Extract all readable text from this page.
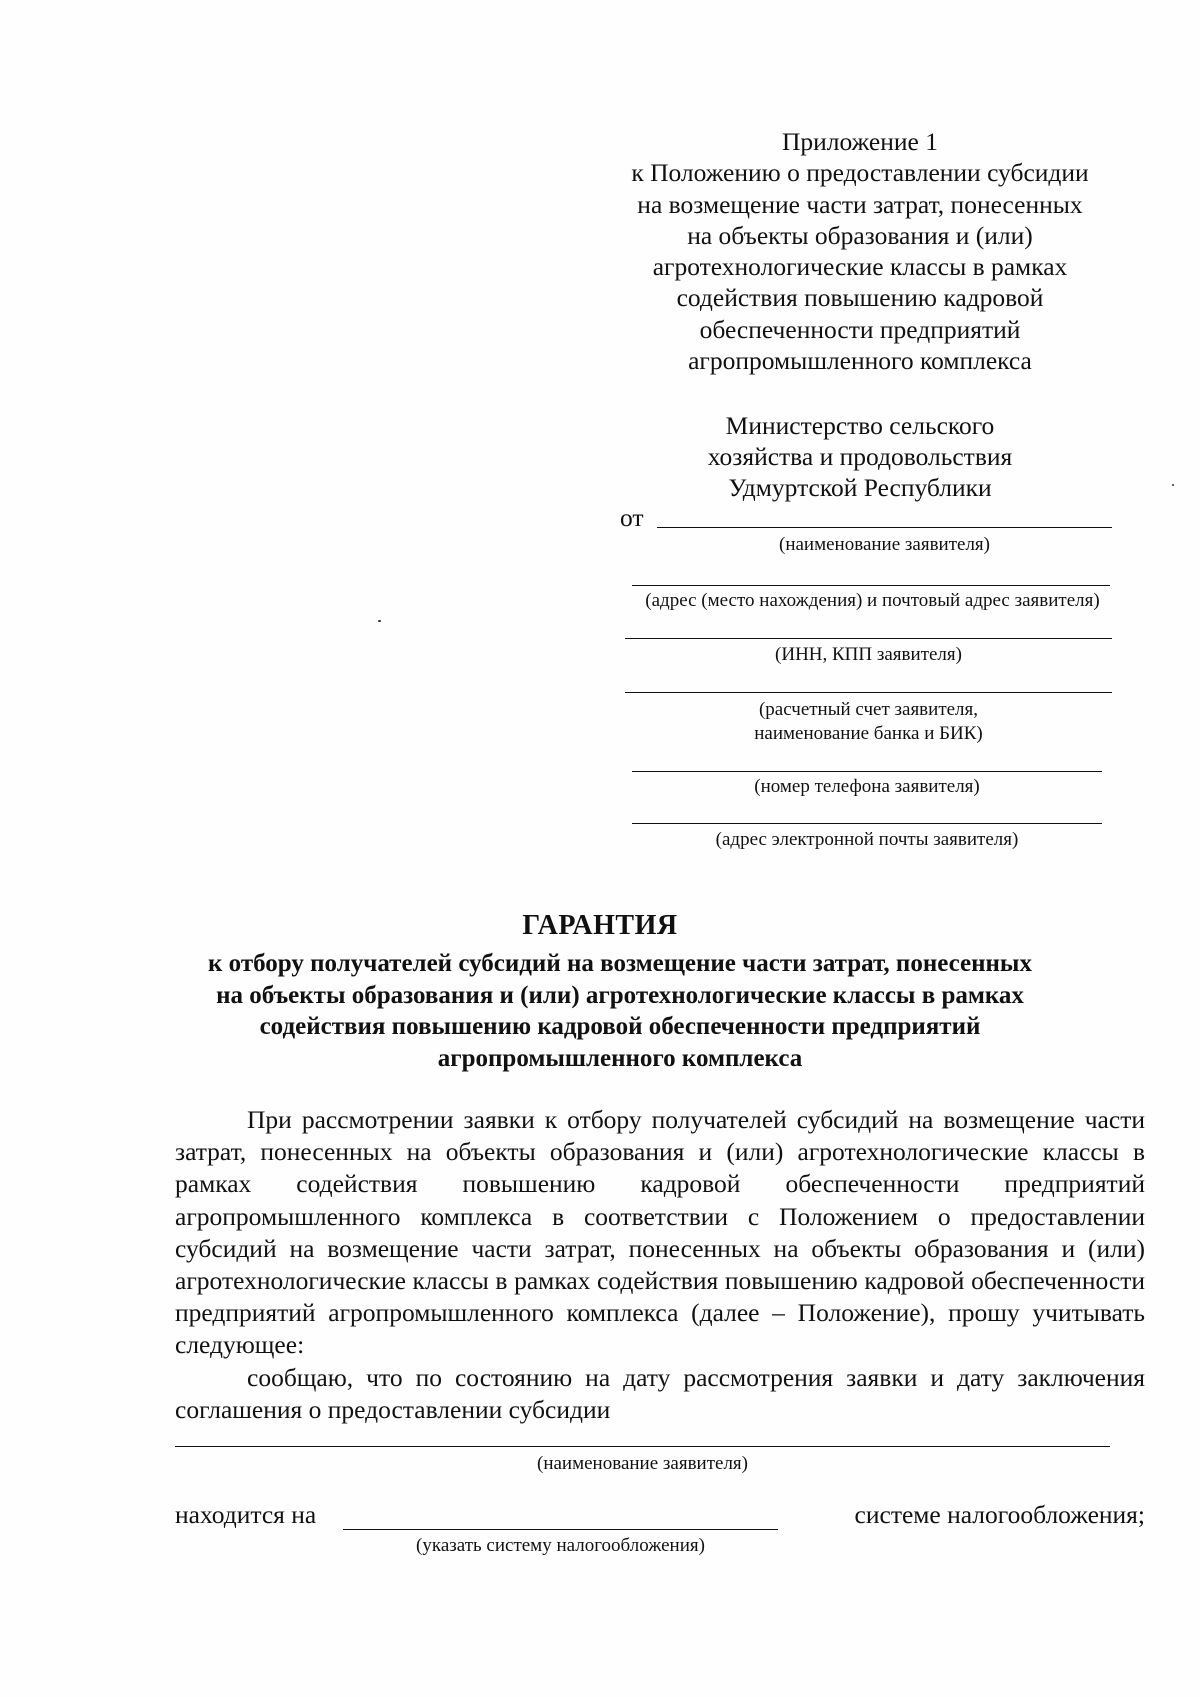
Приложение 1
к Положению о предоставлении субсидии
на возмещение части затрат, понесенных
на объекты образования и (или)
агротехнологические классы в рамках
содействия повышению кадровой
обеспеченности предприятий
агропромышленного комплекса
Министерство сельского
хозяйства и продовольствия
Удмуртской Республики
от
(наименование заявителя)
(адрес (место нахождения) и почтовый адрес заявителя)
(ИНН, КПП заявителя)
(расчетный счет заявителя,
наименование банка и БИК)
(номер телефона заявителя)
(адрес электронной почты заявителя)
ГАРАНТИЯ
к отбору получателей субсидий на возмещение части затрат, понесенных
на объекты образования и (или) агротехнологические классы в рамках
содействия повышению кадровой обеспеченности предприятий
агропромышленного комплекса
При рассмотрении заявки к отбору получателей субсидий на возмещение части затрат, понесенных на объекты образования и (или) агротехнологические классы в рамках содействия повышению кадровой обеспеченности предприятий агропромышленного комплекса в соответствии с Положением о предоставлении субсидий на возмещение части затрат, понесенных на объекты образования и (или) агротехнологические классы в рамках содействия повышению кадровой обеспеченности предприятий агропромышленного комплекса (далее – Положение), прошу учитывать следующее:
сообщаю, что по состоянию на дату рассмотрения заявки и дату заключения соглашения о предоставлении субсидии
(наименование заявителя)
находится на	системе налогообложения;
(указать систему налогообложения)
